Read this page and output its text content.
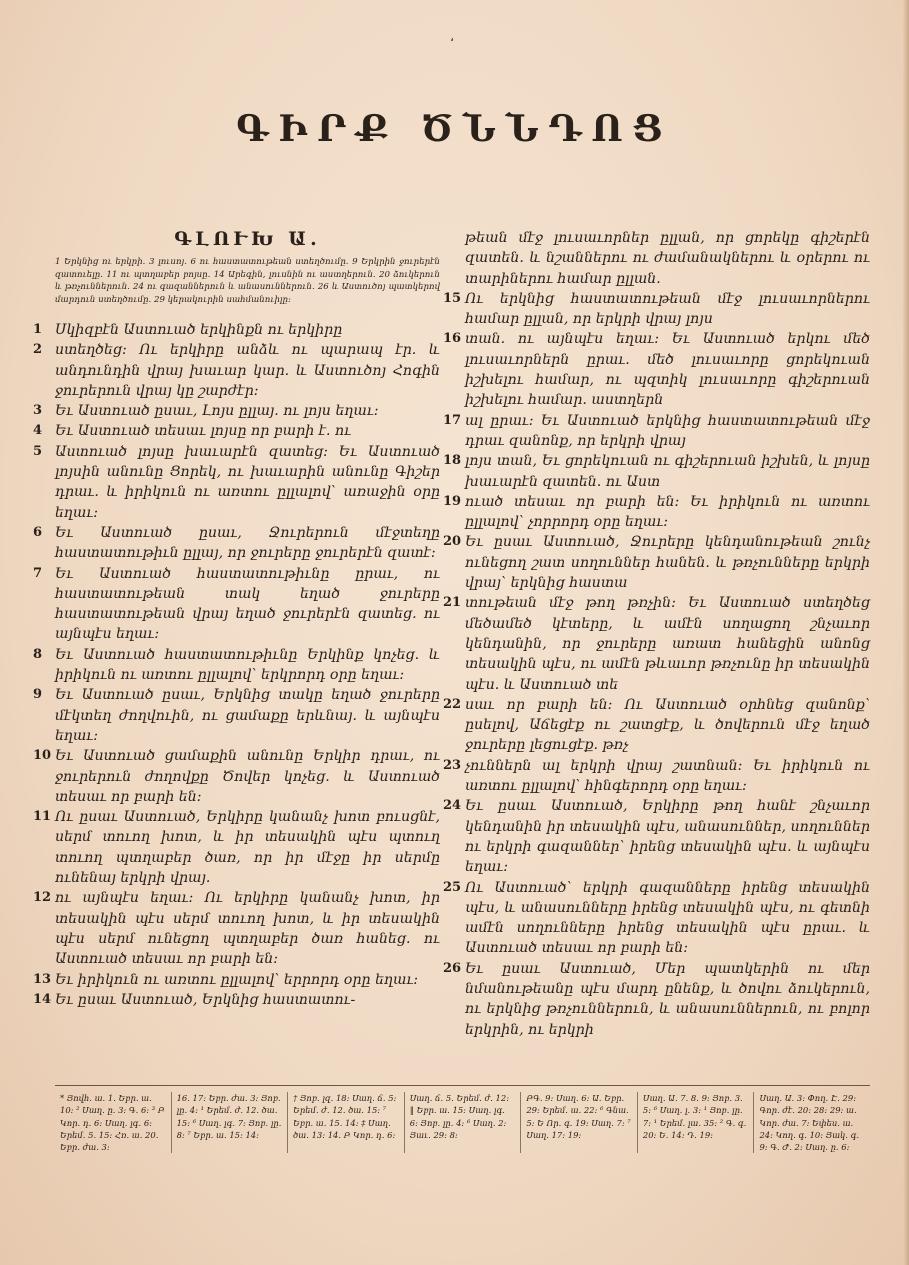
،
ԳԻՐՔ ԾՆՆԴՈՑ
ԳԼՈՒԽ Ա.
1 Երկնից ու երկրի. 3 լուսոյ. 6 ու հաստատութեան ստեղծումը. 9 Երկրին ջուրերէն զատուելը. 11 ու պտղաբեր բոյսը. 14 Արեգին, լուսնին ու աստղերուն. 20 ձուկերուն և թռչուններուն. 24 ու գազաններուն և անասուններուն. 26 և Աստուծոյ պատկերով մարդուն ստեղծումը. 29 կերակուրին սահմանուիլը:
1 Սկիզբէն Աստուած երկինքն ու երկիրը
2 ստեղծեց: Ու երկիրը անձև ու պարապ էր. և անդունդին վրայ խաւար կար. և Աստուծոյ Հոգին ջուրերուն վրայ կը շարժէր:
3 Եւ Աստուած ըսաւ, Լոյս ըլլայ. ու լոյս եղաւ:
4 Եւ Աստուած տեսաւ լոյսը որ բարի է. ու
5 Աստուած լոյսը խաւարէն զատեց: Եւ Աստուած լոյսին անունը Ցորեկ, ու խաւարին անունը Գիշեր դրաւ. և իրիկուն ու առտու ըլլալով՝ առաջին օրը եղաւ:
6 Եւ Աստուած ըսաւ, Ջուրերուն մէջտեղը հաստատութիւն ըլլայ, որ ջուրերը ջուրերէն զատէ:
7 Եւ Աստուած հաստատութիւնը ըրաւ, ու հաստատութեան տակ եղած ջուրերը հաստատութեան վրայ եղած ջուրերէն զատեց. ու այնպէս եղաւ:
8 Եւ Աստուած հաստատութիւնը Երկինք կոչեց. և իրիկուն ու առտու ըլլալով՝ երկրորդ օրը եղաւ:
9 Եւ Աստուած ըսաւ, Երկնից տակը եղած ջուրերը մէկտեղ ժողվուին, ու ցամաքը երևնայ. և այնպէս եղաւ:
10 Եւ Աստուած ցամաքին անունը Երկիր դրաւ, ու ջուրերուն ժողովքը Ծովեր կոչեց. և Աստուած տեսաւ որ բարի են:
11 Ու ըսաւ Աստուած, Երկիրը կանանչ խոտ բուսցնէ, սերմ տուող խոտ, և իր տեսակին պէս պտուղ տուող պտղաբեր ծառ, որ իր մէջը իր սերմը ունենայ երկրի վրայ.
12 ու այնպէս եղաւ: Ու երկիրը կանանչ խոտ, իր տեսակին պէս սերմ տուող խոտ, և իր տեսակին պէս սերմ ունեցող պտղաբեր ծառ հանեց. ու Աստուած տեսաւ որ բարի են:
13 Եւ իրիկուն ու առտու ըլլալով՝ երրորդ օրը եղաւ:
14 Եւ ըսաւ Աստուած, Երկնից հաստատու‑
թեան մէջ լուսաւորներ ըլլան, որ ցորեկը գիշերէն զատեն. և նշաններու ու ժամանակներու և օրերու ու տարիներու համար ըլլան.
15 Ու երկնից հաստատութեան մէջ լուսաւորներու համար ըլլան, որ երկրի վրայ լոյս
16 տան. ու այնպէս եղաւ: Եւ Աստուած երկու մեծ լուսաւորներն ըրաւ. մեծ լուսաւորը ցորեկուան իշխելու համար, ու պզտիկ լուսաւորը գիշերուան իշխելու համար. աստղերն
17 ալ ըրաւ: Եւ Աստուած երկնից հաստատութեան մէջ դրաւ զանոնք, որ երկրի վրայ
18 լոյս տան, Եւ ցորեկուան ու գիշերուան իշխեն, և լոյսը խաւարէն զատեն. ու Աստ
19 ուած տեսաւ որ բարի են: Եւ իրիկուն ու առտու ըլլալով՝ չորրորդ օրը եղաւ:
20 Եւ ըսաւ Աստուած, Ջուրերը կենդանութեան շունչ ունեցող շատ սողուններ հանեն. և թռչունները երկրի վրայ՝ երկնից հաստա
21 տութեան մէջ թող թռչին: Եւ Աստուած ստեղծեց մեծամեծ կէտերը, և ամէն սողացող շնչաւոր կենդանին, որ ջուրերը առատ հանեցին անոնց տեսակին պէս, ու ամէն թևաւոր թռչունը իր տեսակին պէս. և Աստուած տե
22 սաւ որ բարի են: Ու Աստուած օրհնեց զանոնք՝ ըսելով, Աճեցէք ու շատցէք, և ծովերուն մէջ եղած ջուրերը լեցուցէք. թռչ
23 չուններն ալ երկրի վրայ շատնան: Եւ իրիկուն ու առտու ըլլալով՝ հինգերորդ օրը եղաւ:
24 Եւ ըսաւ Աստուած, Երկիրը թող հանէ շնչաւոր կենդանին իր տեսակին պէս, անասուններ, սողուններ ու երկրի գազաններ՝ իրենց տեսակին պէս. և այնպէս եղաւ:
25 Ու Աստուած՝ երկրի գազանները իրենց տեսակին պէս, և անասունները իրենց տեսակին պէս, ու գետնի ամէն սողունները իրենց տեսակին պէս ըրաւ. և Աստուած տեսաւ որ բարի են:
26 Եւ ըսաւ Աստուած, Մեր պատկերին ու մեր նմանութեանը պէս մարդ ընենք, և ծովու ձուկերուն, ու երկնից թռչուններուն, և անասուններուն, ու բոլոր երկրին, ու երկրի
* Յովհ. ա. 1. Եբր. ա. 10: ² Սաղ. ը. 3: Գ. 6: ³ Բ Կոր. դ. 6: Սաղ. լգ. 6: Երեմ. 5. 15: Հռ. ա. 20. Եբր. ժա. 3:
16. 17: Եբր. ժա. 3: Յոբ. լը. 4: ¹ Երեմ. ժ. 12. ծա. 15: ⁶ Սաղ. լգ. 7: Յոբ. լը. 8: ⁷ Եբր. ա. 15: 14:
† Յոբ. լզ. 18: Սաղ. ճ. 5: Երեմ. ժ. 12. ծա. 15: ⁷ Եբր. ա. 15. 14: ‡ Սաղ. ծա. 13: 14. Բ Կոր. դ. 6:
Սաղ. ճ. 5. Երեմ. ժ. 12: ‖ Եբր. ա. 15: Սաղ. լգ. 6: Յոբ. լը. 4: ⁶ Սաղ. 2: Յաւ. 29: 8:
ԲԳ. 9: Սաղ. 6: Ա. Եբր. 29: Երեմ. ա. 22: ⁶ Գնա. 5: Ե Որ. գ. 19: Սաղ. 7: ⁷ Սաղ. 17: 19:
Սաղ. Ա. 7. 8. 9: Յոբ. 3. 5: ⁶ Սաղ. լ. 3: ¹ Յոբ. լը. 7: ¹ Երեմ. լա. 35: ² Գ. գ. 20: Ե. 14: Դ. 19:
Սաղ. Ա. 3: Փող. Է. 29: Գոր. ժէ. 20: 28: 29: ա. Կոր. ժա. 7: Եփես. ա. 24: Կող. գ. 10: Յակ. գ. 9: Գ. Ժ. 2: Սաղ. ը. 6:
